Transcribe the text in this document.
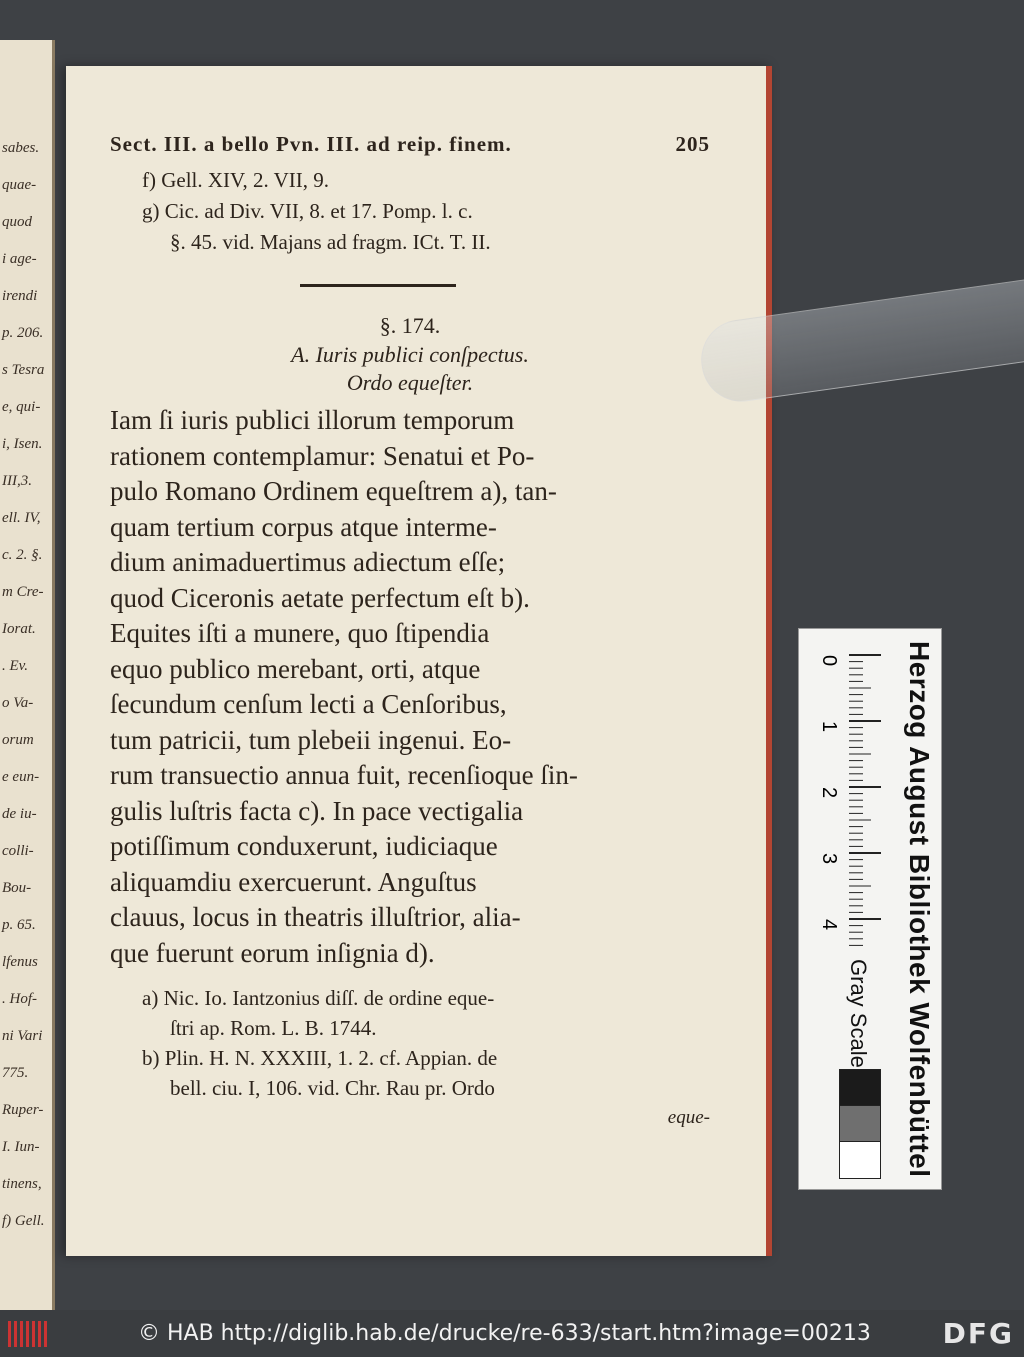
sabes.
quae-
quod
i age-
irendi
p. 206.
s Tesra
e, qui-
i, Isen.
III,3.
ell. IV,
c. 2. §.
m Cre-
Iorat.
. Ev.
o Va-
orum
e eun-
de iu-
colli-
Bou-
p. 65.
lfenus
. Hof-
ni Vari
775.
Ruper-
I. Iun-
tinens,
f) Gell.
Sect. III. a bello Pvn. III. ad reip. finem.	205
f) Gell. XIV, 2. VII, 9.
g) Cic. ad Div. VII, 8. et 17. Pomp. l. c.
§. 45. vid. Majans ad fragm. ICt. T. II.
§. 174.
A. Iuris publici conſpectus.
Ordo equeſter.
Iam ſi iuris publici illorum temporum
rationem contemplamur: Senatui et Po-
pulo Romano Ordinem equeſtrem a), tan-
quam tertium corpus atque interme-
dium animaduertimus adiectum eſſe;
quod Ciceronis aetate perfectum eſt b).
Equites iſti a munere, quo ſtipendia
equo publico merebant, orti, atque
ſecundum cenſum lecti a Cenſoribus,
tum patricii, tum plebeii ingenui. Eo-
rum transuectio annua fuit, recenſioque ſin-
gulis luſtris facta c). In pace vectigalia
potiſſimum conduxerunt, iudiciaque
aliquamdiu exercuerunt. Anguſtus
clauus, locus in theatris illuſtrior, alia-
que fuerunt eorum inſignia d).
a) Nic. Io. Iantzonius diſſ. de ordine eque-
ſtri ap. Rom. L. B. 1744.
b) Plin. H. N. XXXIII, 1. 2. cf. Appian. de
bell. ciu. I, 106. vid. Chr. Rau pr. Ordo
eque-
0
1
2
3
4
Gray Scale	Herzog August Bibliothek Wolfenbüttel
© HAB http://diglib.hab.de/drucke/re-633/start.htm?image=00213	DFG
